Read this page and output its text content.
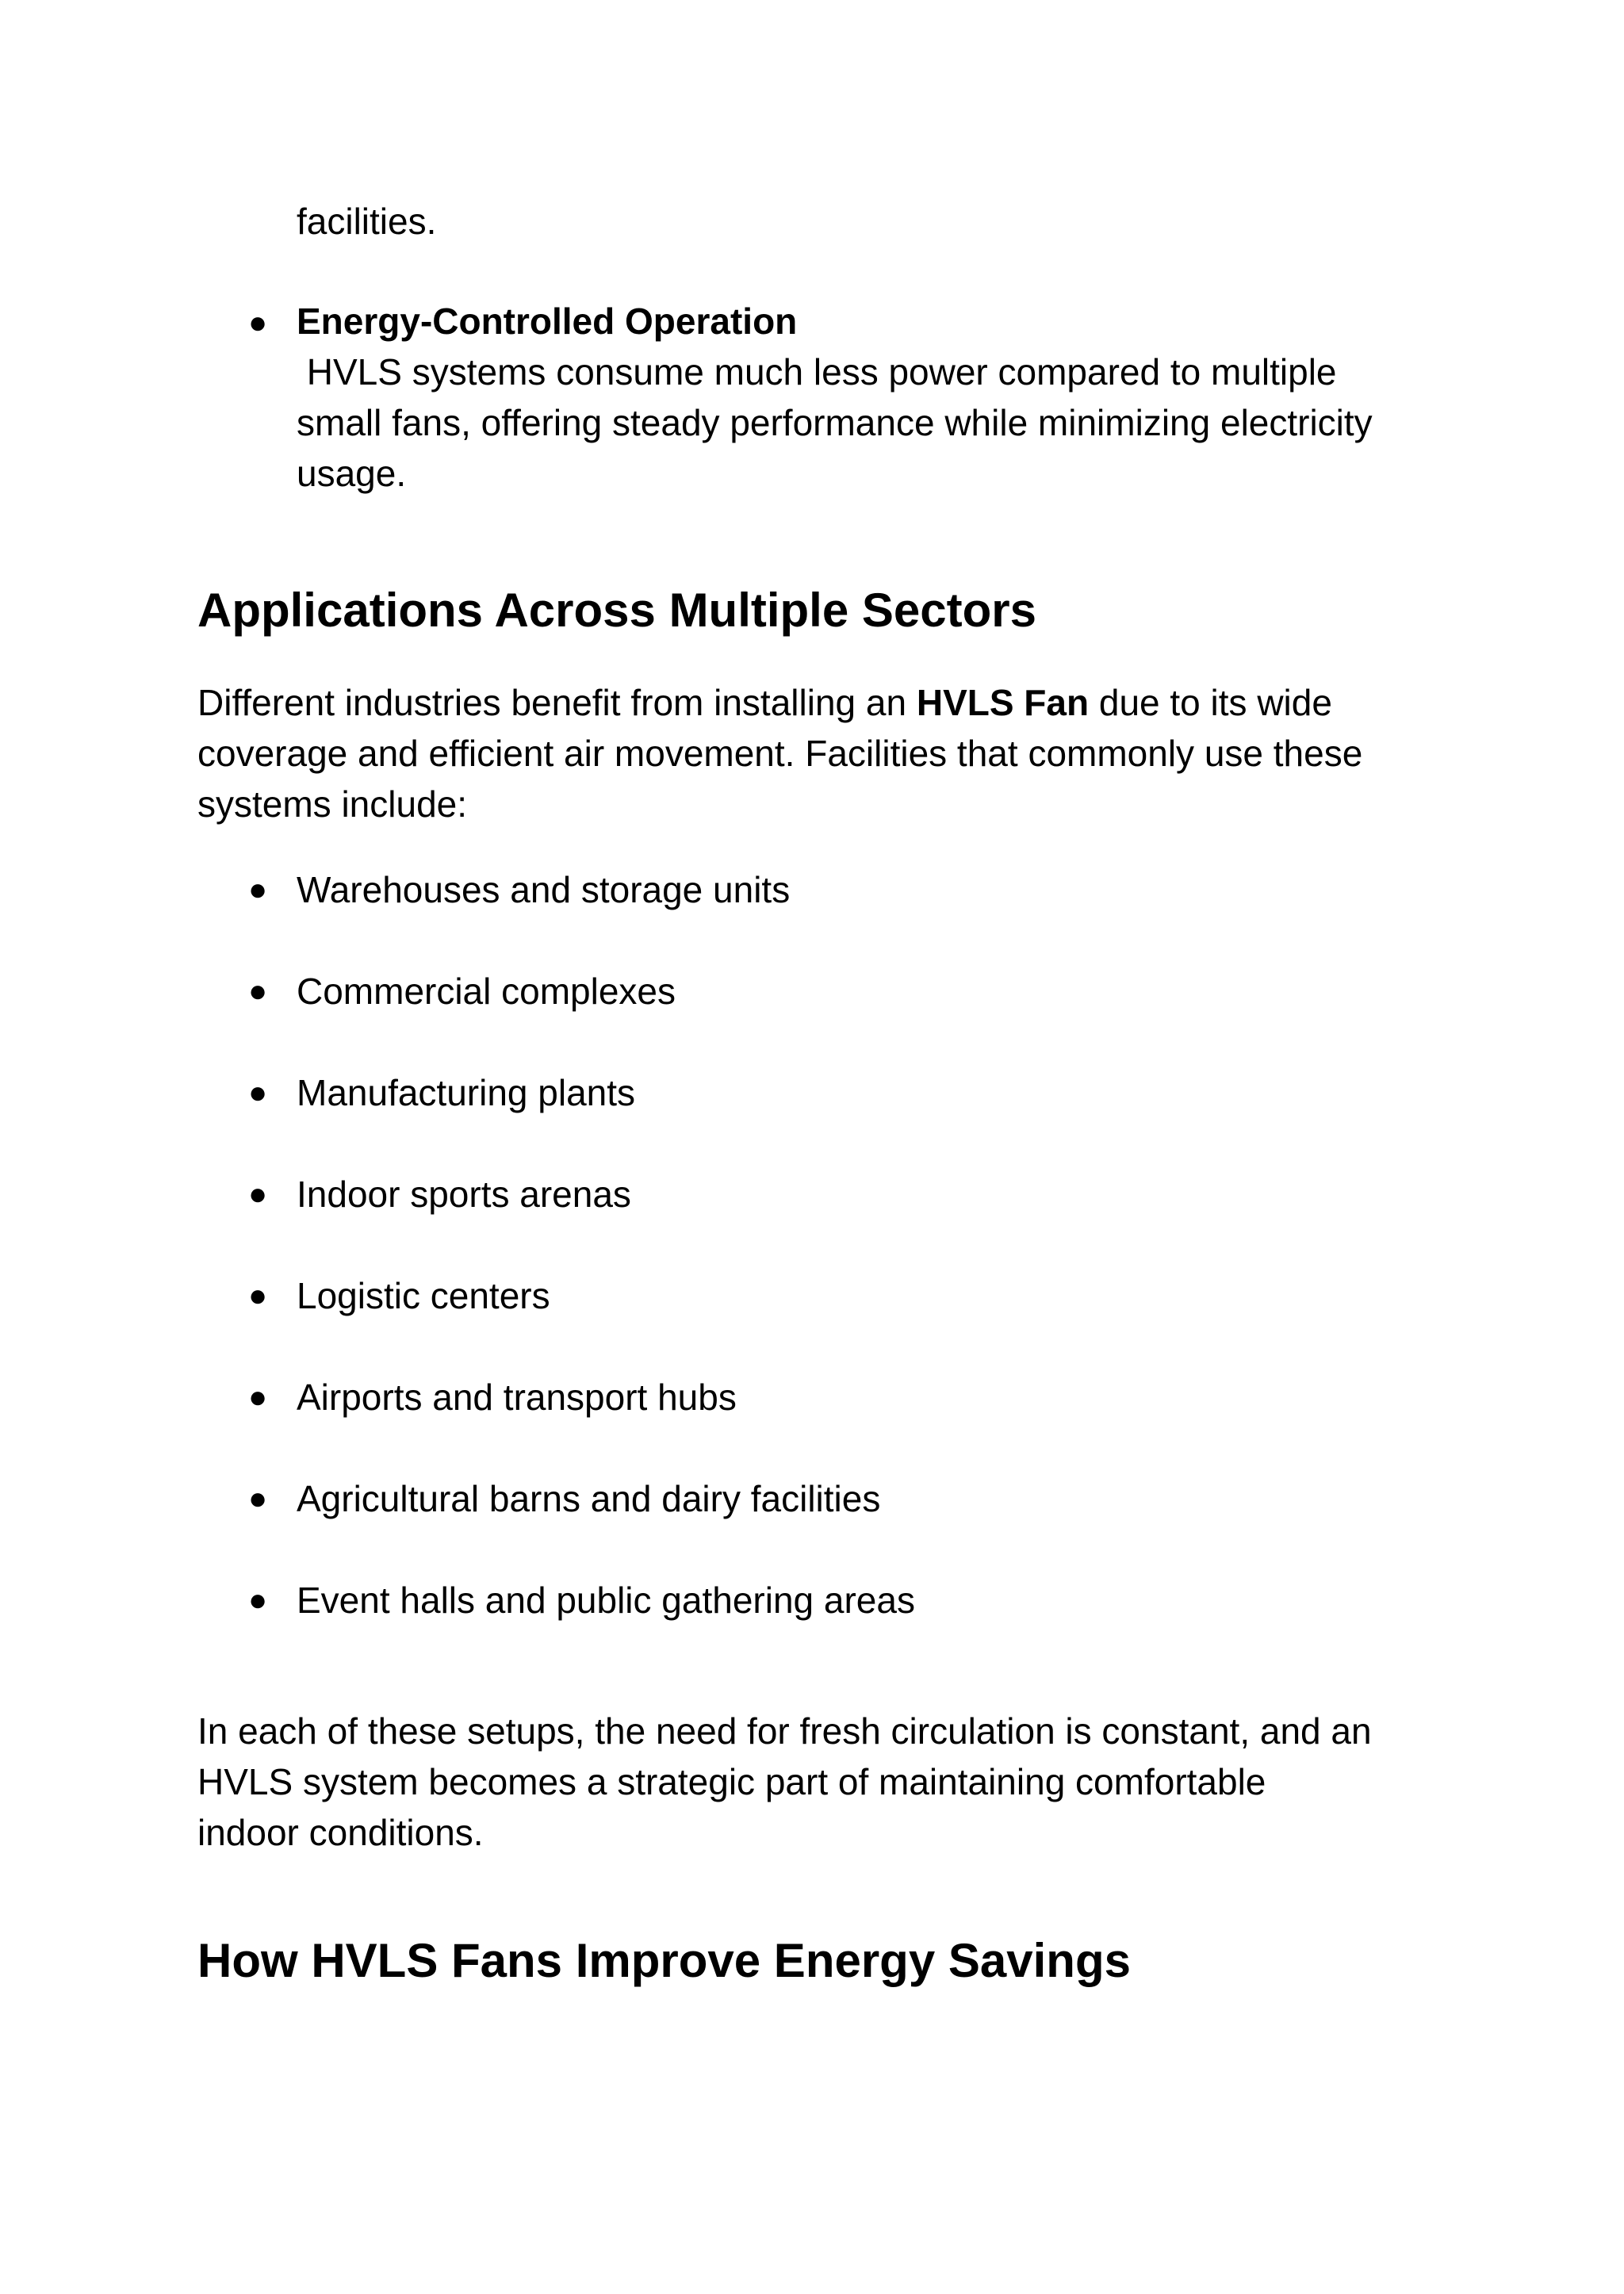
facilities.

● Energy-Controlled Operation

HVLS systems consume much less power compared to multiple

small fans, offering steady performance while minimizing electricity

usage.

Applications Across Multiple Sectors

Different industries benefit from installing an HVLS Fan due to its wide

coverage and efficient air movement. Facilities that commonly use these

systems include:

● Warehouses and storage units
● Commercial complexes
● Manufacturing plants
● Indoor sports arenas
● Logistic centers
● Airports and transport hubs
● Agricultural barns and dairy facilities
● Event halls and public gathering areas

In each of these setups, the need for fresh circulation is constant, and an

HVLS system becomes a strategic part of maintaining comfortable

indoor conditions.

How HVLS Fans Improve Energy Savings
